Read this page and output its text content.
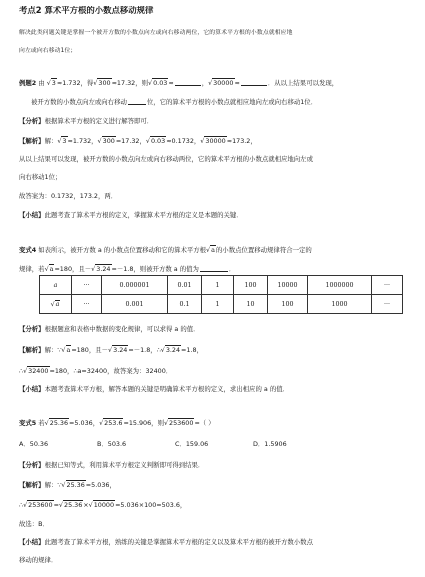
考点2 算术平方根的小数点移动规律
解决此类问题关键是掌握一个被开方数的小数点向左或向右移动两位，它的算术平方根的小数点就相应地
向左或向右移动1位；
例题2 由 √3≈1.732，得√300≈17.32，则√0.03≈	，√30000≈	．从以上结果可以发现，
被开方数的小数点向左或向右移动	位，它的算术平方根的小数点就相应地向左或向右移动1位．
【分析】根据算术平方根的定义进行解答即可．
【解析】解：√3≈1.732，√300=17.32，√0.03≈0.1732，√30000≈173.2，
从以上结果可以发现，被开方数的小数点向左或向右移动两位，它的算术平方根的小数点就相应地向左或
向右移动1位；
故答案为：0.1732，173.2，两．
【小结】此题考查了算术平方根的定义，掌握算术平方根的定义是本题的关键．
变式4 如表所示，被开方数 a 的小数点位置移动和它的算术平方根√a的小数点位置移动规律符合一定的
规律，若√a=180，且－√3.24=－1.8，则被开方数 a 的值为	．
a	···	0.000001	0.01	1	100	10000	1000000	···
√a	···	0.001	0.1	1	10	100	1000	···
【分析】根据题意和表格中数据的变化规律，可以求得 a 的值．
【解析】解：∵√a=180，且－√3.24=－1.8，∴√3.24=1.8，
∴√32400=180，∴a=32400，故答案为：32400．
【小结】本题考查算术平方根，解答本题的关键是明确算术平方根的定义，求出相应的 a 的值．
变式5 若√25.36=5.036，√253.6=15.906，则√253600=（ ）
A．50.36	B．503.6	C．159.06	D．1.5906
【分析】根据已知等式，利用算术平方根定义判断即可得到结果．
【解析】解：∵√25.36=5.036，
∴√253600=√25.36×√10000=5.036×100=503.6，
故选：B．
【小结】此题考查了算术平方根，熟练的关键是掌握算术平方根的定义以及算术平方根的被开方数小数点
移动的规律．
